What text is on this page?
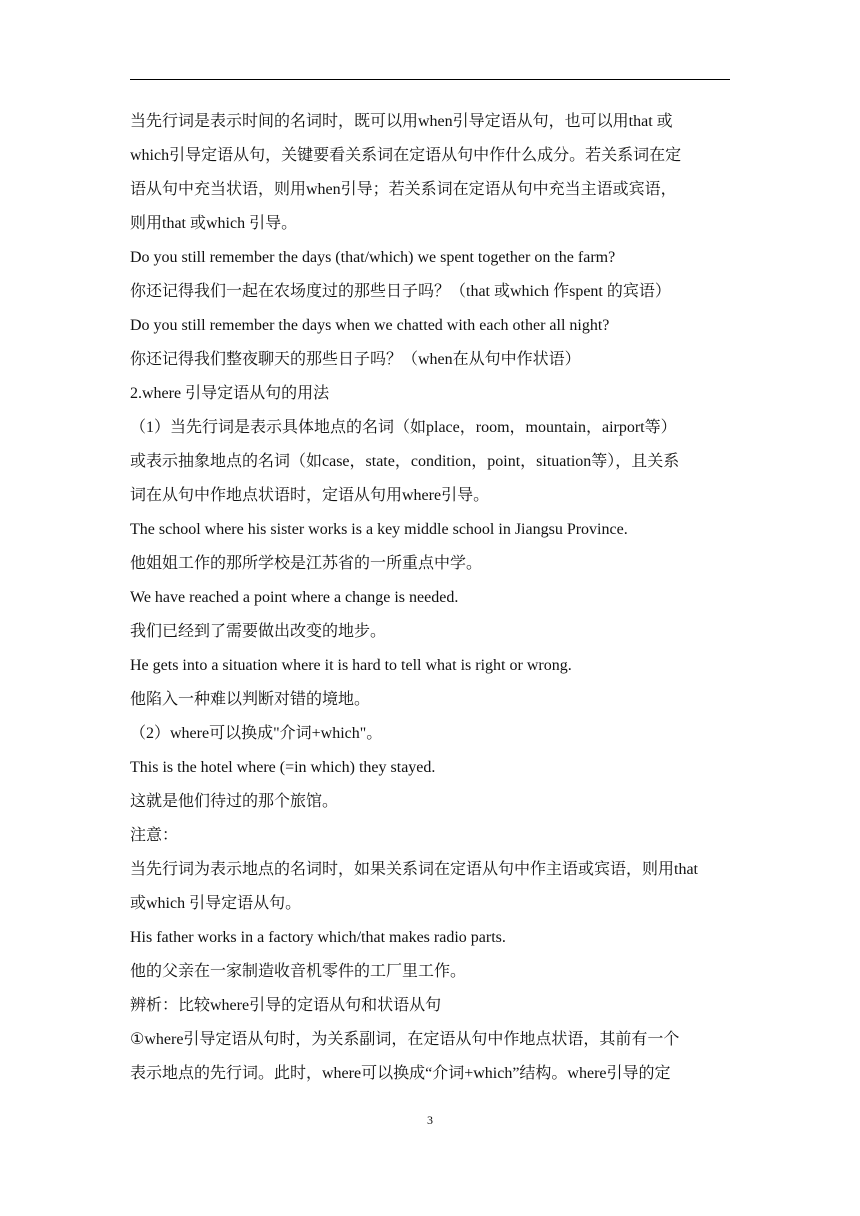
当先行词是表示时间的名词时，既可以用when引导定语从句，也可以用that 或
which引导定语从句，关键要看关系词在定语从句中作什么成分。若关系词在定
语从句中充当状语，则用when引导；若关系词在定语从句中充当主语或宾语，
则用that 或which 引导。
Do you still remember the days (that/which) we spent together on the farm?
你还记得我们一起在农场度过的那些日子吗？（that 或which 作spent 的宾语）
Do you still remember the days when we chatted with each other all night?
你还记得我们整夜聊天的那些日子吗？（when在从句中作状语）
2.where 引导定语从句的用法
（1）当先行词是表示具体地点的名词（如place，room，mountain，airport等）
或表示抽象地点的名词（如case，state，condition，point，situation等），且关系
词在从句中作地点状语时，定语从句用where引导。
The school where his sister works is a key middle school in Jiangsu Province.
他姐姐工作的那所学校是江苏省的一所重点中学。
We have reached a point where a change is needed.
我们已经到了需要做出改变的地步。
He gets into a situation where it is hard to tell what is right or wrong.
他陷入一种难以判断对错的境地。
（2）where可以换成"介词+which"。
This is the hotel where (=in which) they stayed.
这就是他们待过的那个旅馆。
注意：
当先行词为表示地点的名词时，如果关系词在定语从句中作主语或宾语，则用that
或which 引导定语从句。
His father works in a factory which/that makes radio parts.
他的父亲在一家制造收音机零件的工厂里工作。
辨析：比较where引导的定语从句和状语从句
①where引导定语从句时，为关系副词，在定语从句中作地点状语，其前有一个
表示地点的先行词。此时，where可以换成“介词+which”结构。where引导的定
3
